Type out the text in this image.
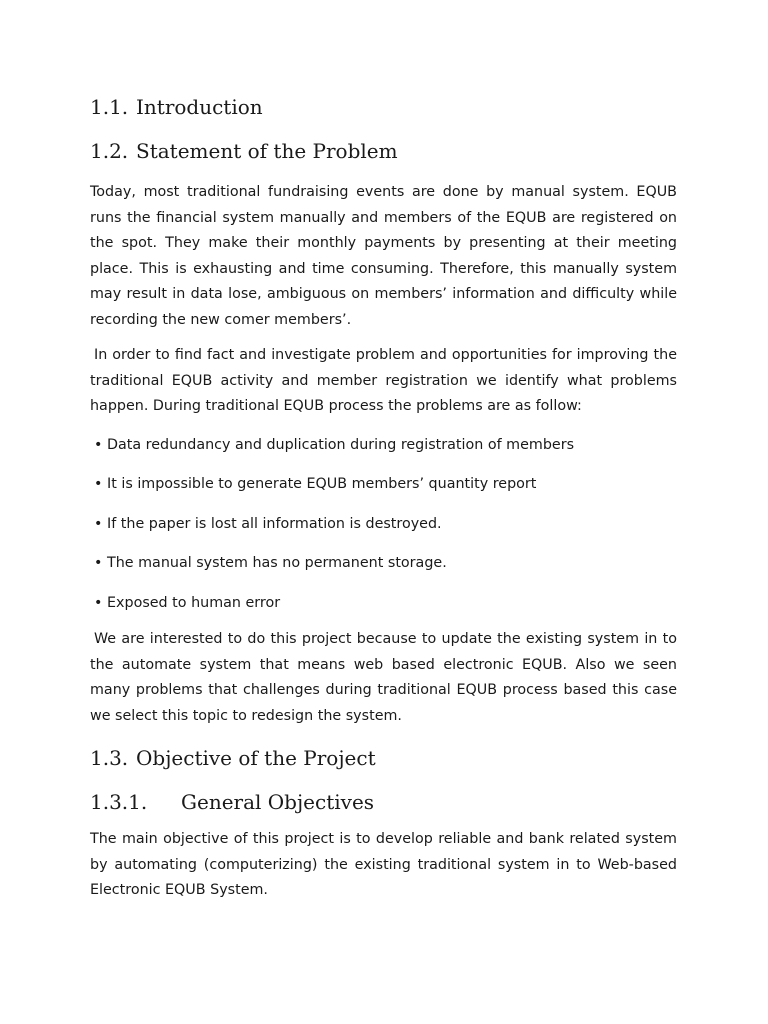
1.1. Introduction
1.2. Statement of the Problem

Today, most traditional fundraising events are done by manual system. EQUB runs the financial system manually and members of the EQUB are registered on the spot. They make their monthly payments by presenting at their meeting place. This is exhausting and time consuming. Therefore, this manually system may result in data lose, ambiguous on members’ information and difficulty while recording the new comer members’.

In order to find fact and investigate problem and opportunities for improving the traditional EQUB activity and member registration we identify what problems happen. During traditional EQUB process the problems are as follow:

• Data redundancy and duplication during registration of members

• It is impossible to generate EQUB members’ quantity report

• If the paper is lost all information is destroyed.

• The manual system has no permanent storage.

• Exposed to human error

We are interested to do this project because to update the existing system in to the automate system that means web based electronic EQUB. Also we seen many problems that challenges during traditional EQUB process based this case we select this topic to redesign the system.

1.3. Objective of the Project
1.3.1. General Objectives

The main objective of this project is to develop reliable and bank related system by automating (computerizing) the existing traditional system in to Web-based Electronic EQUB System.
